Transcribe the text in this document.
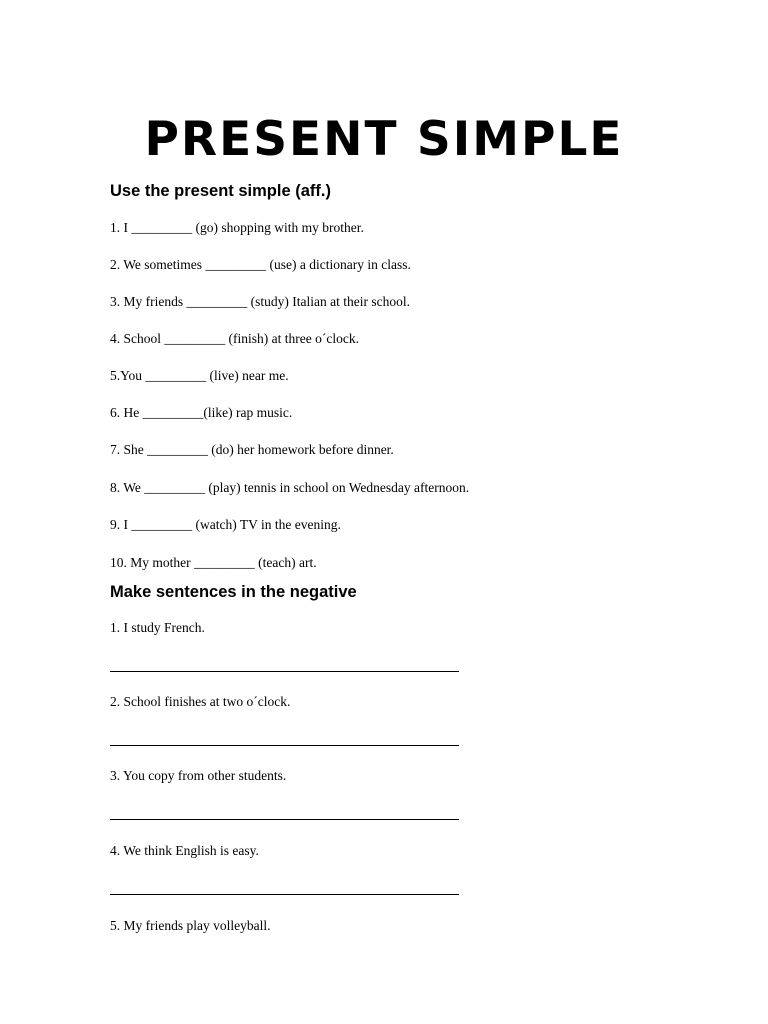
PRESENT SIMPLE
Use the present simple (aff.)
1. I _________ (go) shopping with my brother.
2. We sometimes _________ (use) a dictionary in class.
3. My friends _________ (study) Italian at their school.
4. School _________ (finish) at three o´clock.
5.You _________ (live) near me.
6. He _________(like) rap music.
7. She _________ (do) her homework before dinner.
8. We _________ (play) tennis in school on Wednesday afternoon.
9. I _________ (watch) TV in the evening.
10. My mother _________ (teach) art.
Make sentences in the negative
1. I study French.
2. School finishes at two o´clock.
3. You copy from other students.
4. We think English is easy.
5. My friends play volleyball.
